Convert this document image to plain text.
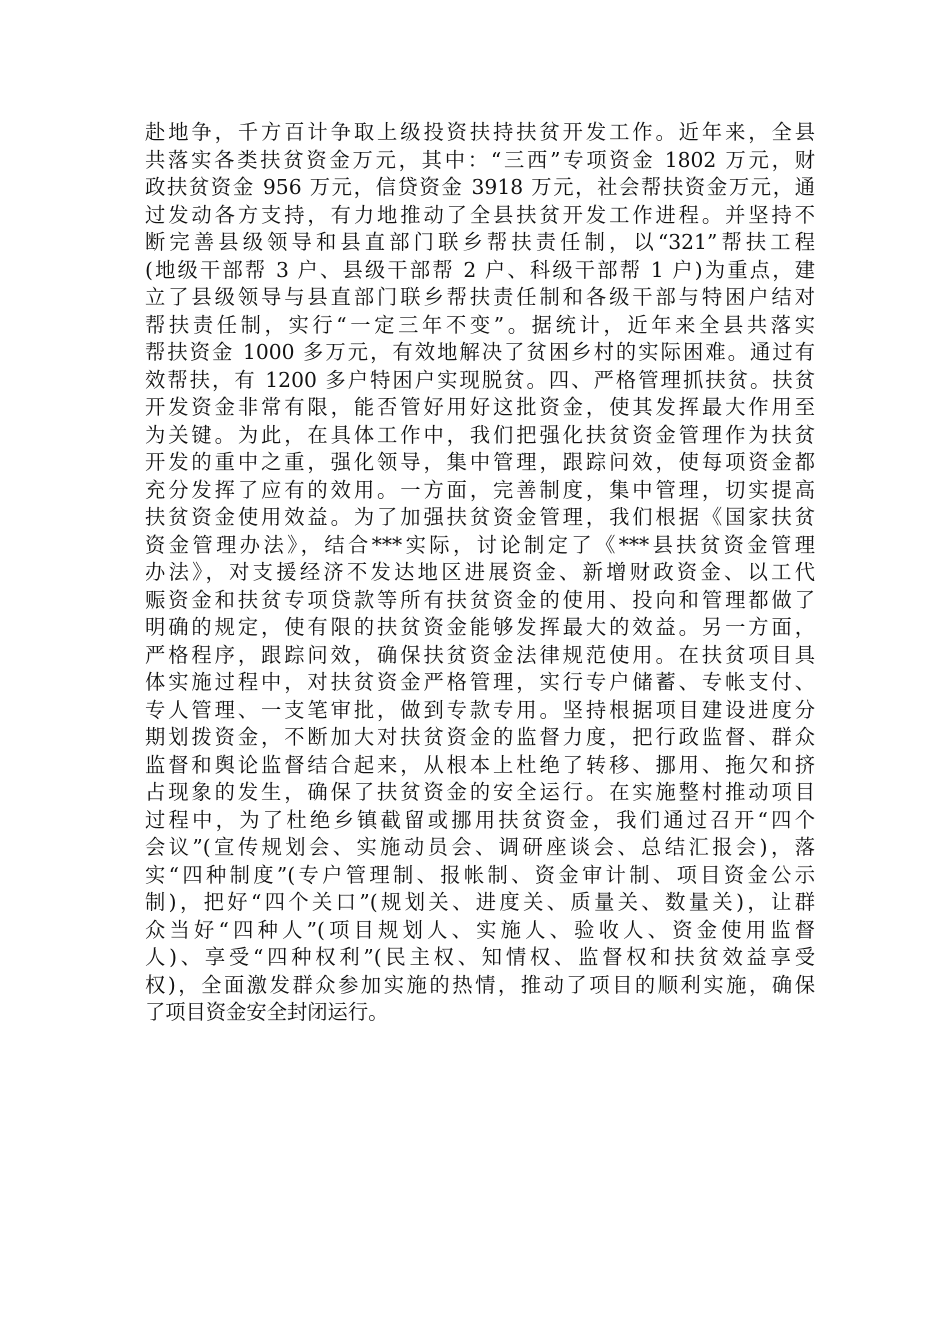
赴地争，千方百计争取上级投资扶持扶贫开发工作。近年来，全县
共落实各类扶贫资金万元，其中：“三西”专项资金 1802 万元，财
政扶贫资金 956 万元，信贷资金 3918 万元，社会帮扶资金万元，通
过发动各方支持，有力地推动了全县扶贫开发工作进程。并坚持不
断完善县级领导和县直部门联乡帮扶责任制，以“321”帮扶工程
(地级干部帮 3 户、县级干部帮 2 户、科级干部帮 1 户)为重点，建
立了县级领导与县直部门联乡帮扶责任制和各级干部与特困户结对
帮扶责任制，实行“一定三年不变”。据统计，近年来全县共落实
帮扶资金 1000 多万元，有效地解决了贫困乡村的实际困难。通过有
效帮扶，有 1200 多户特困户实现脱贫。四、严格管理抓扶贫。扶贫
开发资金非常有限，能否管好用好这批资金，使其发挥最大作用至
为关键。为此，在具体工作中，我们把强化扶贫资金管理作为扶贫
开发的重中之重，强化领导，集中管理，跟踪问效，使每项资金都
充分发挥了应有的效用。一方面，完善制度，集中管理，切实提高
扶贫资金使用效益。为了加强扶贫资金管理，我们根据《国家扶贫
资金管理办法》，结合***实际，讨论制定了《***县扶贫资金管理
办法》，对支援经济不发达地区进展资金、新增财政资金、以工代
赈资金和扶贫专项贷款等所有扶贫资金的使用、投向和管理都做了
明确的规定，使有限的扶贫资金能够发挥最大的效益。另一方面，
严格程序，跟踪问效，确保扶贫资金法律规范使用。在扶贫项目具
体实施过程中，对扶贫资金严格管理，实行专户储蓄、专帐支付、
专人管理、一支笔审批，做到专款专用。坚持根据项目建设进度分
期划拨资金，不断加大对扶贫资金的监督力度，把行政监督、群众
监督和舆论监督结合起来，从根本上杜绝了转移、挪用、拖欠和挤
占现象的发生，确保了扶贫资金的安全运行。在实施整村推动项目
过程中，为了杜绝乡镇截留或挪用扶贫资金，我们通过召开“四个
会议”(宣传规划会、实施动员会、调研座谈会、总结汇报会)，落
实“四种制度”(专户管理制、报帐制、资金审计制、项目资金公示
制)，把好“四个关口”(规划关、进度关、质量关、数量关)，让群
众当好“四种人”(项目规划人、实施人、验收人、资金使用监督
人)、享受“四种权利”(民主权、知情权、监督权和扶贫效益享受
权)，全面激发群众参加实施的热情，推动了项目的顺利实施，确保
了项目资金安全封闭运行。
